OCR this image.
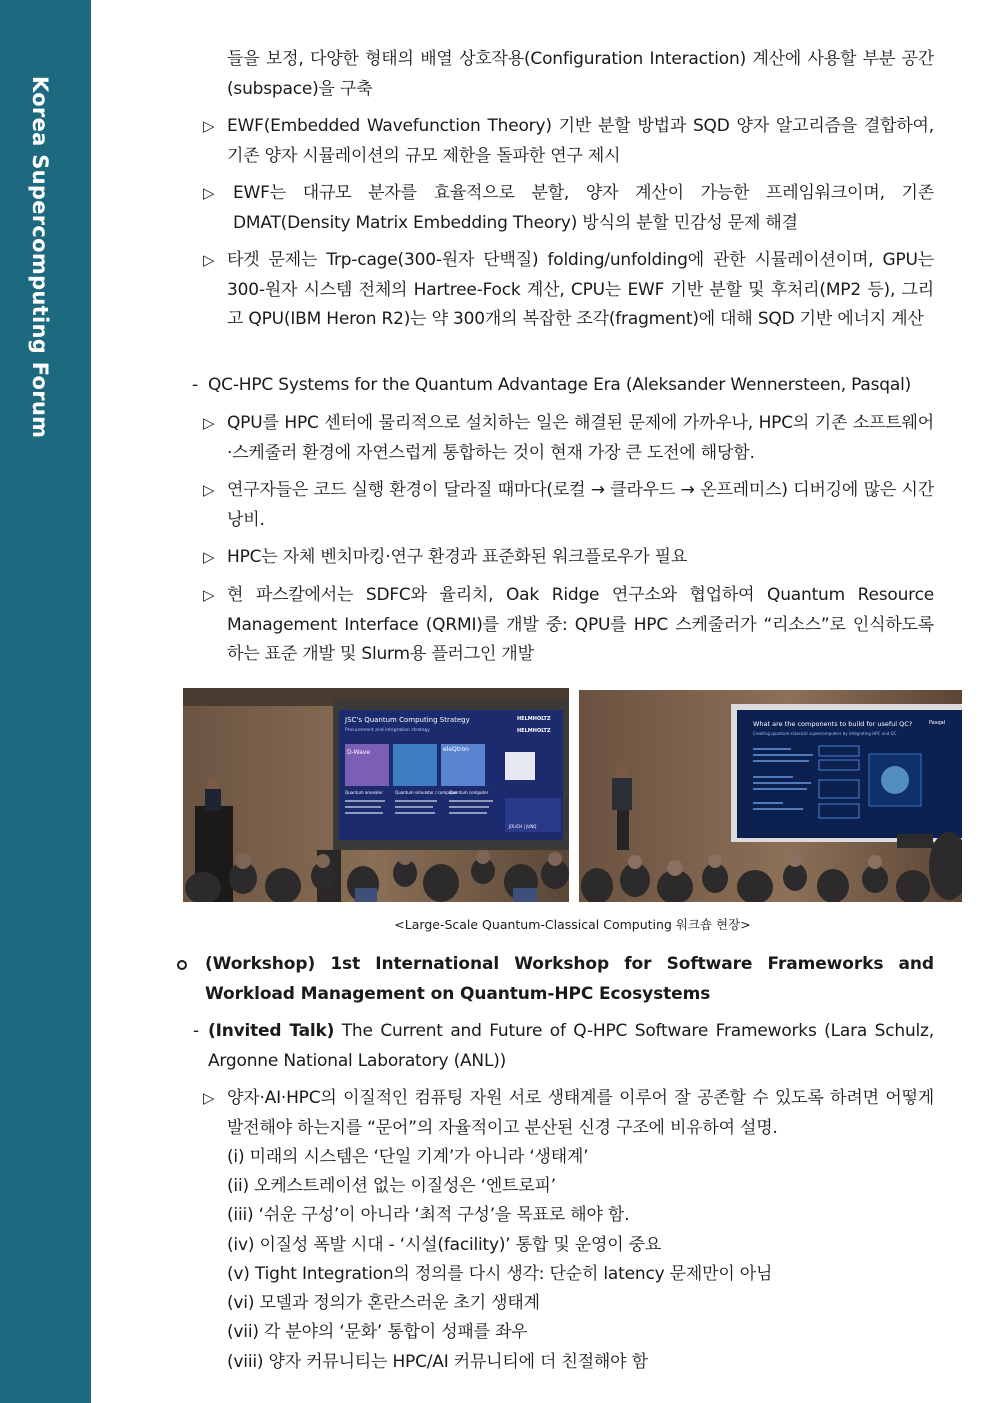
Korea Supercomputing Forum

들을 보정, 다양한 형태의 배열 상호작용(Configuration Interaction) 계산에 사용할 부분 공간(subspace)을 구축

▷ EWF(Embedded Wavefunction Theory) 기반 분할 방법과 SQD 양자 알고리즘을 결합하여, 기존 양자 시뮬레이션의 규모 제한을 돌파한 연구 제시

▷ EWF는 대규모 분자를 효율적으로 분할, 양자 계산이 가능한 프레임워크이며, 기존 DMAT(Density Matrix Embedding Theory) 방식의 분할 민감성 문제 해결

▷ 타겟 문제는 Trp-cage(300-원자 단백질) folding/unfolding에 관한 시뮬레이션이며, GPU는 300-원자 시스템 전체의 Hartree-Fock 계산, CPU는 EWF 기반 분할 및 후처리(MP2 등), 그리고 QPU(IBM Heron R2)는 약 300개의 복잡한 조각(fragment)에 대해 SQD 기반 에너지 계산

- QC-HPC Systems for the Quantum Advantage Era (Aleksander Wennersteen, Pasqal)

▷ QPU를 HPC 센터에 물리적으로 설치하는 일은 해결된 문제에 가까우나, HPC의 기존 소프트웨어·스케줄러 환경에 자연스럽게 통합하는 것이 현재 가장 큰 도전에 해당함.

▷ 연구자들은 코드 실행 환경이 달라질 때마다(로컬 → 클라우드 → 온프레미스) 디버깅에 많은 시간 낭비.

▷ HPC는 자체 벤치마킹·연구 환경과 표준화된 워크플로우가 필요

▷ 현 파스칼에서는 SDFC와 율리치, Oak Ridge 연구소와 협업하여 Quantum Resource Management Interface (QRMI)를 개발 중: QPU를 HPC 스케줄러가 “리소스”로 인식하도록 하는 표준 개발 및 Slurm용 플러그인 개발

JSC's Quantum Computing Strategy
Procurement and integration strategy
HELMHOLTZ
HELMHOLTZ
D-Wave	eleQtron
Quantum annealer	Quantum simulator / computer
Quantum computer
JÜLICH | JUNQ
What are the components to build for useful QC?
Creating quantum-classical supercomputers by integrating HPC and QC
Pasqal
<Large-Scale Quantum-Classical Computing 워크숍 현장>

(Workshop) 1st International Workshop for Software Frameworks and Workload Management on Quantum-HPC Ecosystems

- (Invited Talk) The Current and Future of Q-HPC Software Frameworks (Lara Schulz, Argonne National Laboratory (ANL))

▷ 양자·AI·HPC의 이질적인 컴퓨팅 자원 서로 생태계를 이루어 잘 공존할 수 있도록 하려면 어떻게 발전해야 하는지를 “문어”의 자율적이고 분산된 신경 구조에 비유하여 설명.

(i) 미래의 시스템은 ‘단일 기계’가 아니라 ‘생태계’
(ii) 오케스트레이션 없는 이질성은 ‘엔트로피’
(iii) ‘쉬운 구성’이 아니라 ‘최적 구성’을 목표로 해야 함.
(iv) 이질성 폭발 시대 - ‘시설(facility)’ 통합 및 운영이 중요
(v) Tight Integration의 정의를 다시 생각: 단순히 latency 문제만이 아님
(vi) 모델과 정의가 혼란스러운 초기 생태계
(vii) 각 분야의 ‘문화’ 통합이 성패를 좌우
(viii) 양자 커뮤니티는 HPC/AI 커뮤니티에 더 친절해야 함
